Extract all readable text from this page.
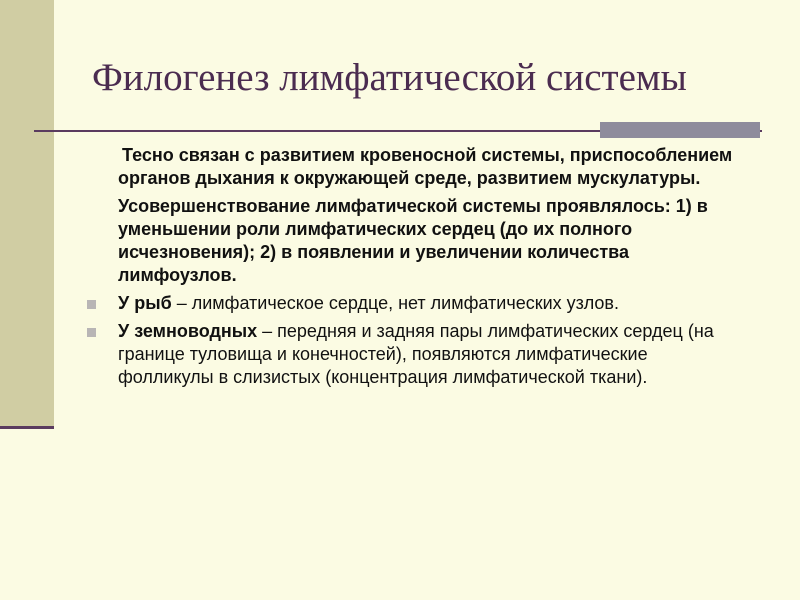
Филогенез лимфатической системы
Тесно связан с развитием кровеносной системы, приспособлением органов дыхания к окружающей среде, развитием мускулатуры.
Усовершенствование лимфатической системы проявлялось: 1) в уменьшении роли лимфатических сердец (до их полного исчезновения); 2) в появлении и увеличении количества лимфоузлов.
У рыб – лимфатическое сердце, нет лимфатических узлов.
У земноводных – передняя и задняя пары лимфатических сердец (на границе туловища и конечностей), появляются лимфатические фолликулы в слизистых (концентрация лимфатической ткани).
